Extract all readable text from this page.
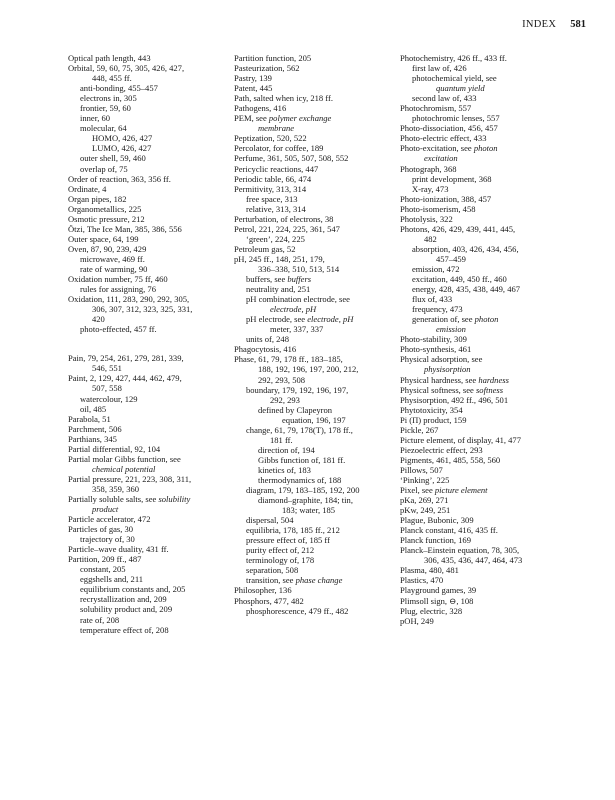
INDEX 581
Optical path length, 443
Orbital, 59, 60, 75, 305, 426, 427,
448, 455 ff.
anti-bonding, 455–457
electrons in, 305
frontier, 59, 60
inner, 60
molecular, 64
HOMO, 426, 427
LUMO, 426, 427
outer shell, 59, 460
overlap of, 75
Order of reaction, 363, 356 ff.
Ordinate, 4
Organ pipes, 182
Organometallics, 225
Osmotic pressure, 212
Ötzi, The Ice Man, 385, 386, 556
Outer space, 64, 199
Oven, 87, 90, 239, 429
microwave, 469 ff.
rate of warming, 90
Oxidation number, 75 ff, 460
rules for assigning, 76
Oxidation, 111, 283, 290, 292, 305,
306, 307, 312, 323, 325, 331,
420
photo-effected, 457 ff.
Pain, 79, 254, 261, 279, 281, 339,
546, 551
Paint, 2, 129, 427, 444, 462, 479,
507, 558
watercolour, 129
oil, 485
Parabola, 51
Parchment, 506
Parthians, 345
Partial differential, 92, 104
Partial molar Gibbs function, see
chemical potential
Partial pressure, 221, 223, 308, 311,
358, 359, 360
Partially soluble salts, see solubility
product
Particle accelerator, 472
Particles of gas, 30
trajectory of, 30
Particle–wave duality, 431 ff.
Partition, 209 ff., 487
constant, 205
eggshells and, 211
equilibrium constants and, 205
recrystallization and, 209
solubility product and, 209
rate of, 208
temperature effect of, 208
Partition function, 205
Pasteurization, 562
Pastry, 139
Patent, 445
Path, salted when icy, 218 ff.
Pathogens, 416
PEM, see polymer exchange
membrane
Peptization, 520, 522
Percolator, for coffee, 189
Perfume, 361, 505, 507, 508, 552
Pericyclic reactions, 447
Periodic table, 66, 474
Permitivity, 313, 314
free space, 313
relative, 313, 314
Perturbation, of electrons, 38
Petrol, 221, 224, 225, 361, 547
‘green’, 224, 225
Petroleum gas, 52
pH, 245 ff., 148, 251, 179,
336–338, 510, 513, 514
buffers, see buffers
neutrality and, 251
pH combination electrode, see
electrode, pH
pH electrode, see electrode, pH
meter, 337, 337
units of, 248
Phagocytosis, 416
Phase, 61, 79, 178 ff., 183–185,
188, 192, 196, 197, 200, 212,
292, 293, 508
boundary, 179, 192, 196, 197,
292, 293
defined by Clapeyron
equation, 196, 197
change, 61, 79, 178(T), 178 ff.,
181 ff.
direction of, 194
Gibbs function of, 181 ff.
kinetics of, 183
thermodynamics of, 188
diagram, 179, 183–185, 192, 200
diamond–graphite, 184; tin,
183; water, 185
dispersal, 504
equilibria, 178, 185 ff., 212
pressure effect of, 185 ff
purity effect of, 212
terminology of, 178
separation, 508
transition, see phase change
Philosopher, 136
Phosphors, 477, 482
phosphorescence, 479 ff., 482
Photochemistry, 426 ff., 433 ff.
first law of, 426
photochemical yield, see
quantum yield
second law of, 433
Photochromism, 557
photochromic lenses, 557
Photo-dissociation, 456, 457
Photo-electric effect, 433
Photo-excitation, see photon
excitation
Photograph, 368
print development, 368
X-ray, 473
Photo-ionization, 388, 457
Photo-isomerism, 458
Photolysis, 322
Photons, 426, 429, 439, 441, 445,
482
absorption, 403, 426, 434, 456,
457–459
emission, 472
excitation, 449, 450 ff., 460
energy, 428, 435, 438, 449, 467
flux of, 433
frequency, 473
generation of, see photon
emission
Photo-stability, 309
Photo-synthesis, 461
Physical adsorption, see
physisorption
Physical hardness, see hardness
Physical softness, see softness
Physisorption, 492 ff., 496, 501
Phytotoxicity, 354
Pi (Π) product, 159
Pickle, 267
Picture element, of display, 41, 477
Piezoelectric effect, 293
Pigments, 461, 485, 558, 560
Pillows, 507
‘Pinking’, 225
Pixel, see picture element
pKa, 269, 271
pKw, 249, 251
Plague, Bubonic, 309
Planck constant, 416, 435 ff.
Planck function, 169
Planck–Einstein equation, 78, 305,
306, 435, 436, 447, 464, 473
Plasma, 480, 481
Plastics, 470
Playground games, 39
Plimsoll sign, ⊖, 108
Plug, electric, 328
pOH, 249
